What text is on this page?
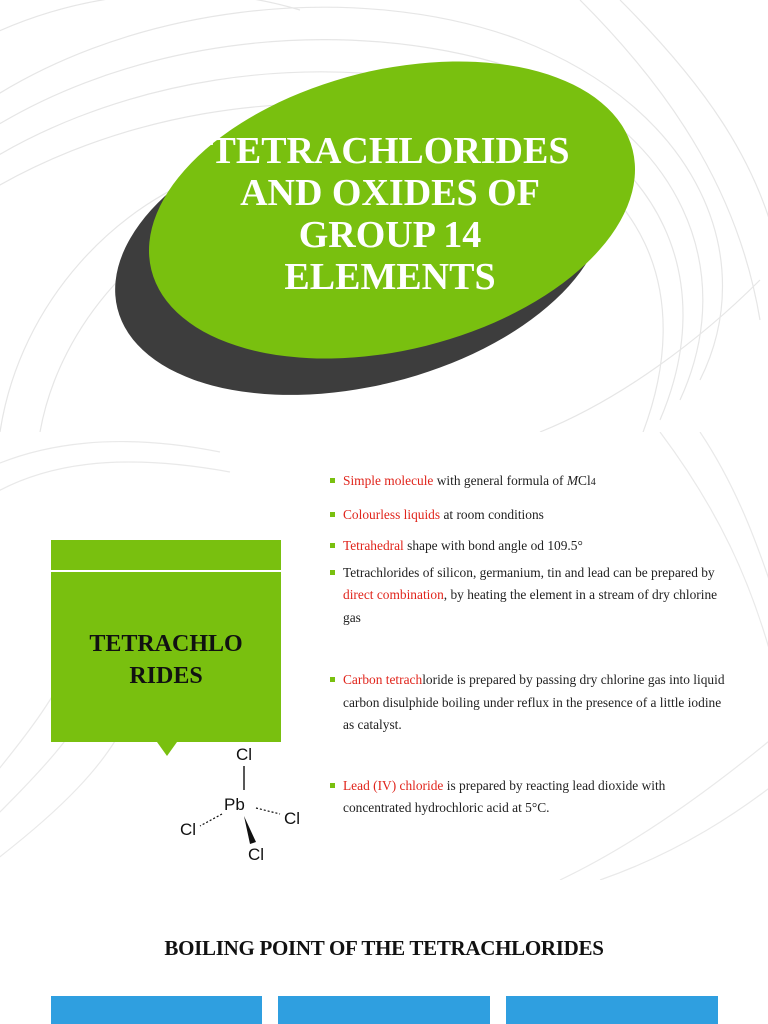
TETRACHLORIDES
AND OXIDES OF
GROUP 14
ELEMENTS
TETRACHLO
RIDES
Simple molecule with general formula of MCl4
Colourless liquids at room conditions
Tetrahedral shape with bond angle od 109.5°
Tetrachlorides of silicon, germanium, tin and lead can be prepared by direct combination, by heating the element in a stream of dry chlorine gas
Carbon tetrachloride is prepared by passing dry chlorine gas into liquid carbon disulphide boiling under reflux in the presence of a little iodine as catalyst.
Lead (IV) chloride is prepared by reacting lead dioxide with concentrated hydrochloric acid at 5°C.
Cl
Pb
Cl
Cl
Cl
BOILING POINT OF THE TETRACHLORIDES
